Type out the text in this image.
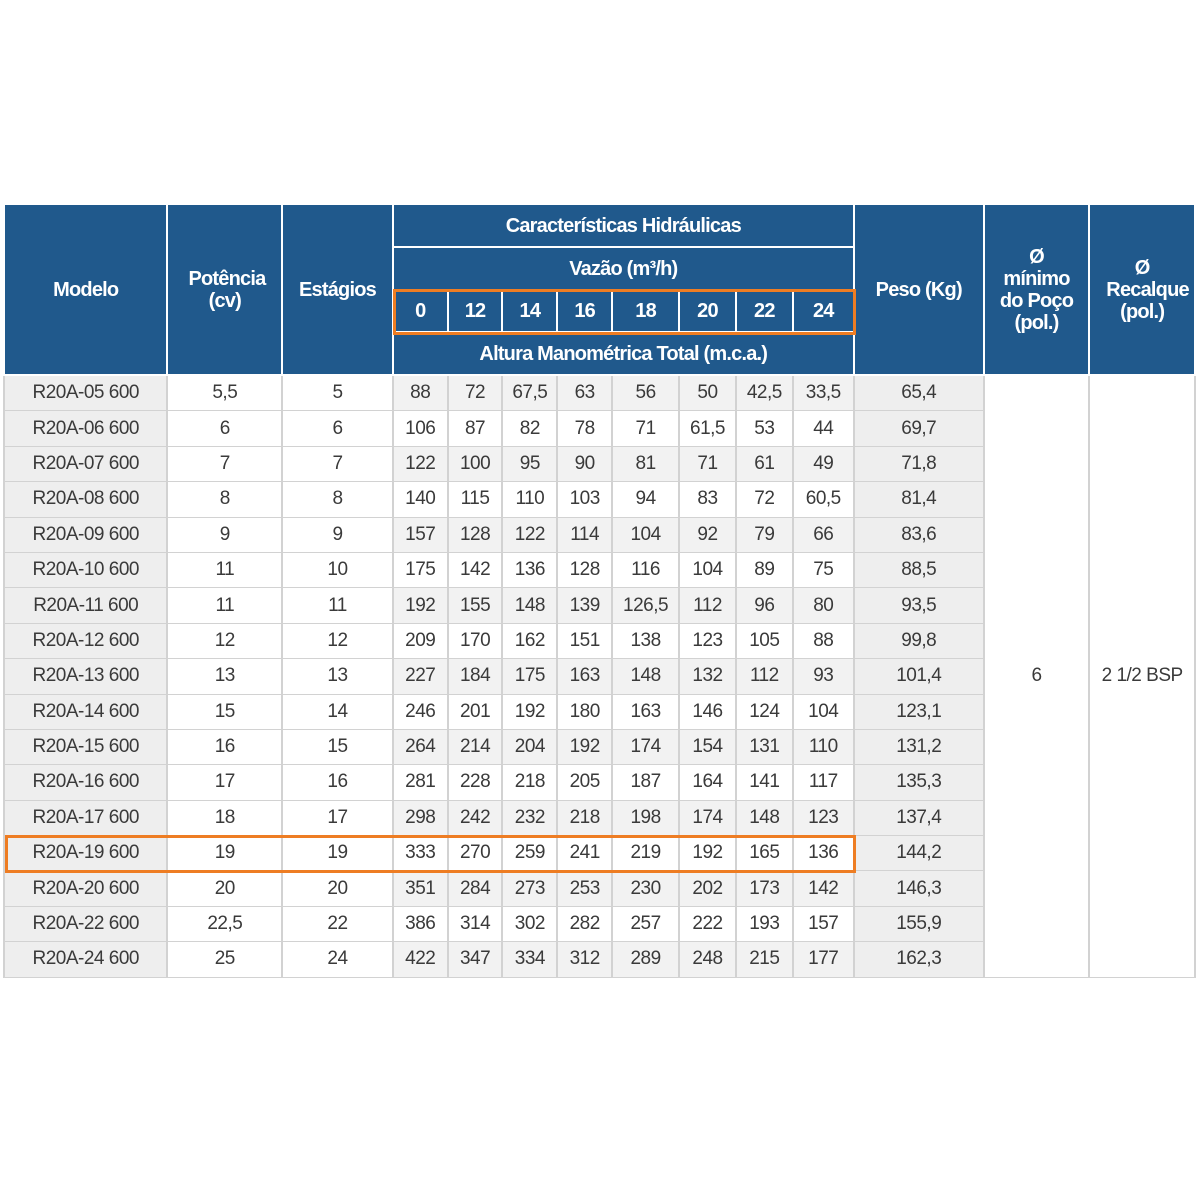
Modelo	Potência (cv)	Estágios	Características Hidráulicas								Peso (Kg)	Ø mínimo do Poço (pol.)	Ø Recalque (pol.)
			Vazão (m³/h)										
			0	12	14	16	18	20	22	24			
			Altura Manométrica Total (m.c.a.)										
R20A-05 600	5,5	5	88	72	67,5	63	56	50	42,5	33,5	65,4	6	2 1/2 BSP
R20A-06 600	6	6	106	87	82	78	71	61,5	53	44	69,7		
R20A-07 600	7	7	122	100	95	90	81	71	61	49	71,8		
R20A-08 600	8	8	140	115	110	103	94	83	72	60,5	81,4		
R20A-09 600	9	9	157	128	122	114	104	92	79	66	83,6		
R20A-10 600	11	10	175	142	136	128	116	104	89	75	88,5		
R20A-11 600	11	11	192	155	148	139	126,5	112	96	80	93,5		
R20A-12 600	12	12	209	170	162	151	138	123	105	88	99,8		
R20A-13 600	13	13	227	184	175	163	148	132	112	93	101,4		
R20A-14 600	15	14	246	201	192	180	163	146	124	104	123,1		
R20A-15 600	16	15	264	214	204	192	174	154	131	110	131,2		
R20A-16 600	17	16	281	228	218	205	187	164	141	117	135,3		
R20A-17 600	18	17	298	242	232	218	198	174	148	123	137,4		
R20A-19 600	19	19	333	270	259	241	219	192	165	136	144,2		
R20A-20 600	20	20	351	284	273	253	230	202	173	142	146,3		
R20A-22 600	22,5	22	386	314	302	282	257	222	193	157	155,9		
R20A-24 600	25	24	422	347	334	312	289	248	215	177	162,3		
